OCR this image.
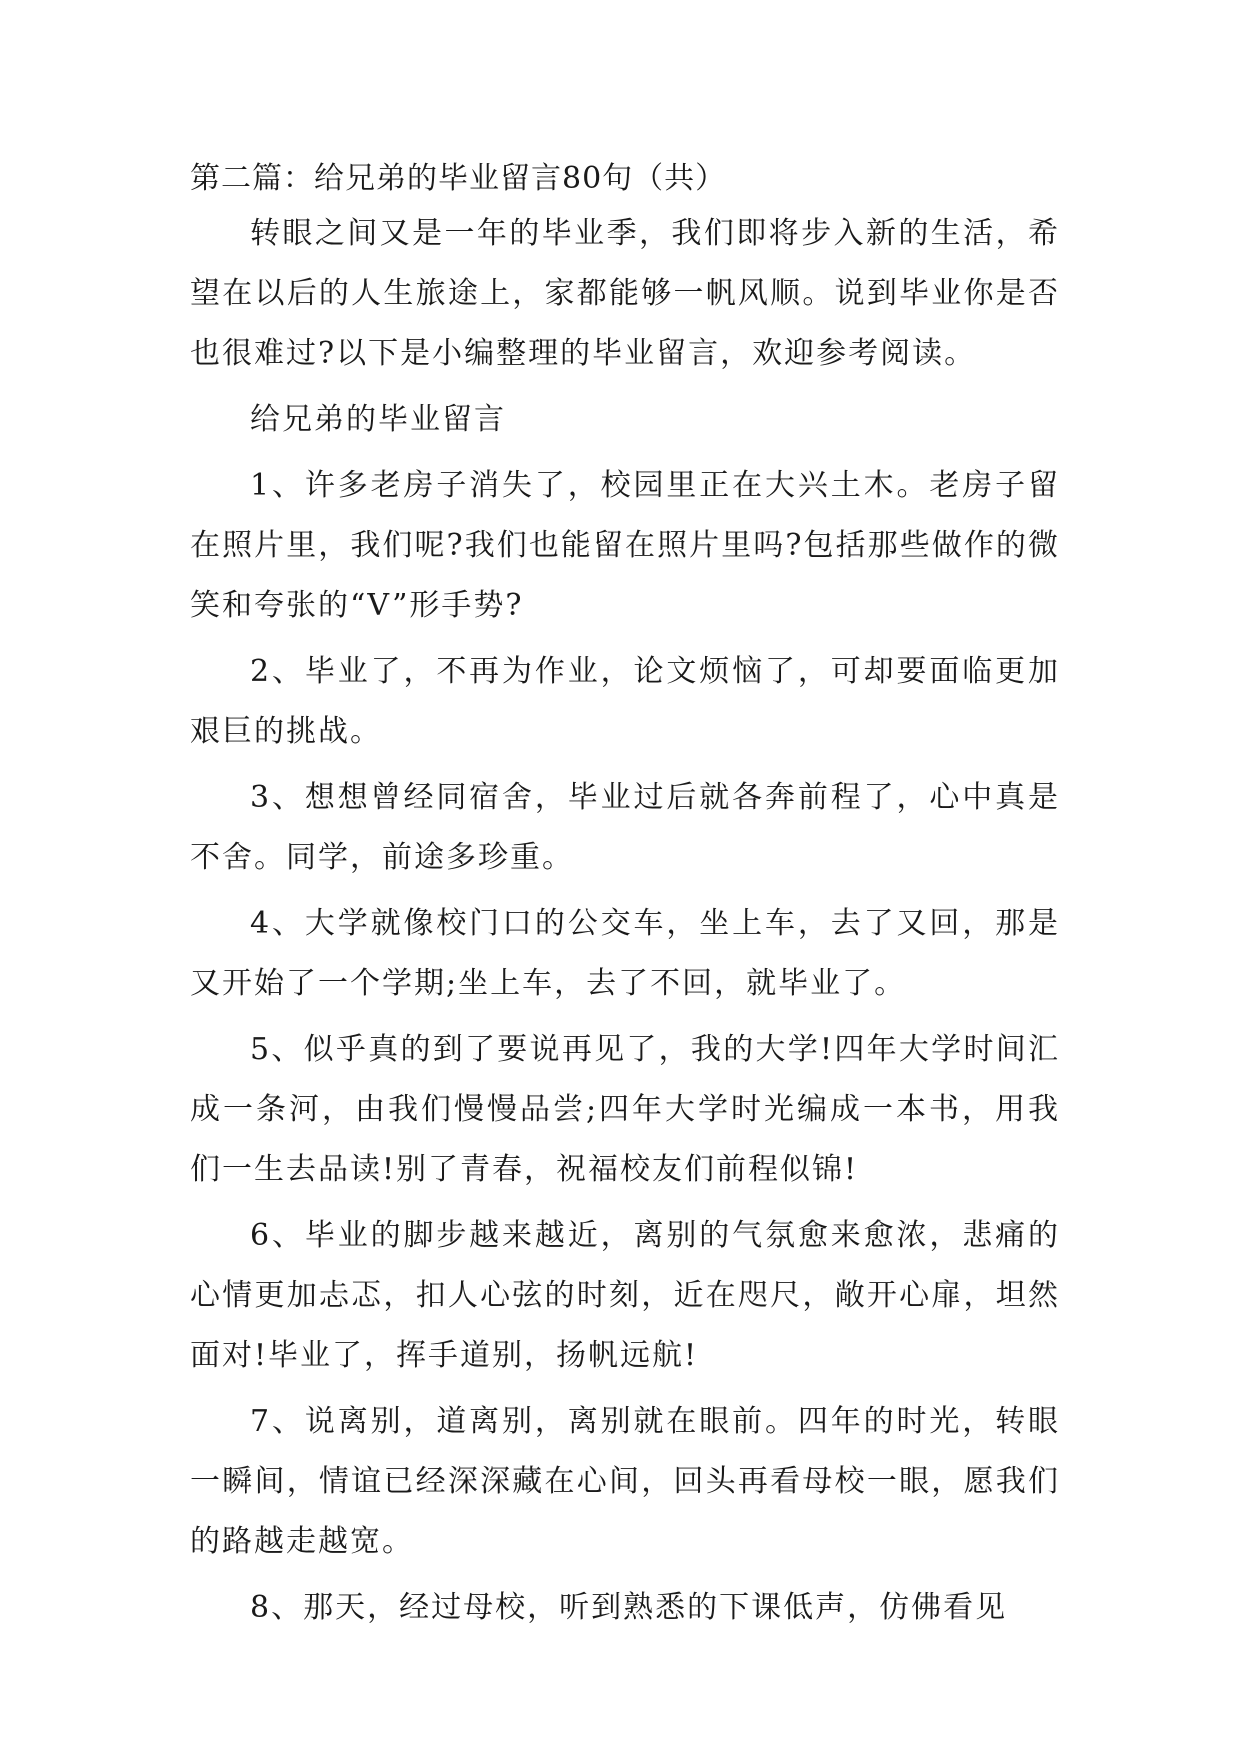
第二篇：给兄弟的毕业留言80句（共）

转眼之间又是一年的毕业季，我们即将步入新的生活，希望在以后的人生旅途上，家都能够一帆风顺。说到毕业你是否也很难过?以下是小编整理的毕业留言，欢迎参考阅读。

给兄弟的毕业留言

1、许多老房子消失了，校园里正在大兴土木。老房子留在照片里，我们呢?我们也能留在照片里吗?包括那些做作的微笑和夸张的“V”形手势?

2、毕业了，不再为作业，论文烦恼了，可却要面临更加艰巨的挑战。

3、想想曾经同宿舍，毕业过后就各奔前程了，心中真是不舍。同学，前途多珍重。

4、大学就像校门口的公交车，坐上车，去了又回，那是又开始了一个学期;坐上车，去了不回，就毕业了。

5、似乎真的到了要说再见了，我的大学!四年大学时间汇成一条河，由我们慢慢品尝;四年大学时光编成一本书，用我们一生去品读!别了青春，祝福校友们前程似锦!

6、毕业的脚步越来越近，离别的气氛愈来愈浓，悲痛的心情更加忐忑，扣人心弦的时刻，近在咫尺，敞开心扉，坦然面对!毕业了，挥手道别，扬帆远航!

7、说离别，道离别，离别就在眼前。四年的时光，转眼一瞬间，情谊已经深深藏在心间，回头再看母校一眼，愿我们的路越走越宽。

8、那天，经过母校，听到熟悉的下课低声，仿佛看见
